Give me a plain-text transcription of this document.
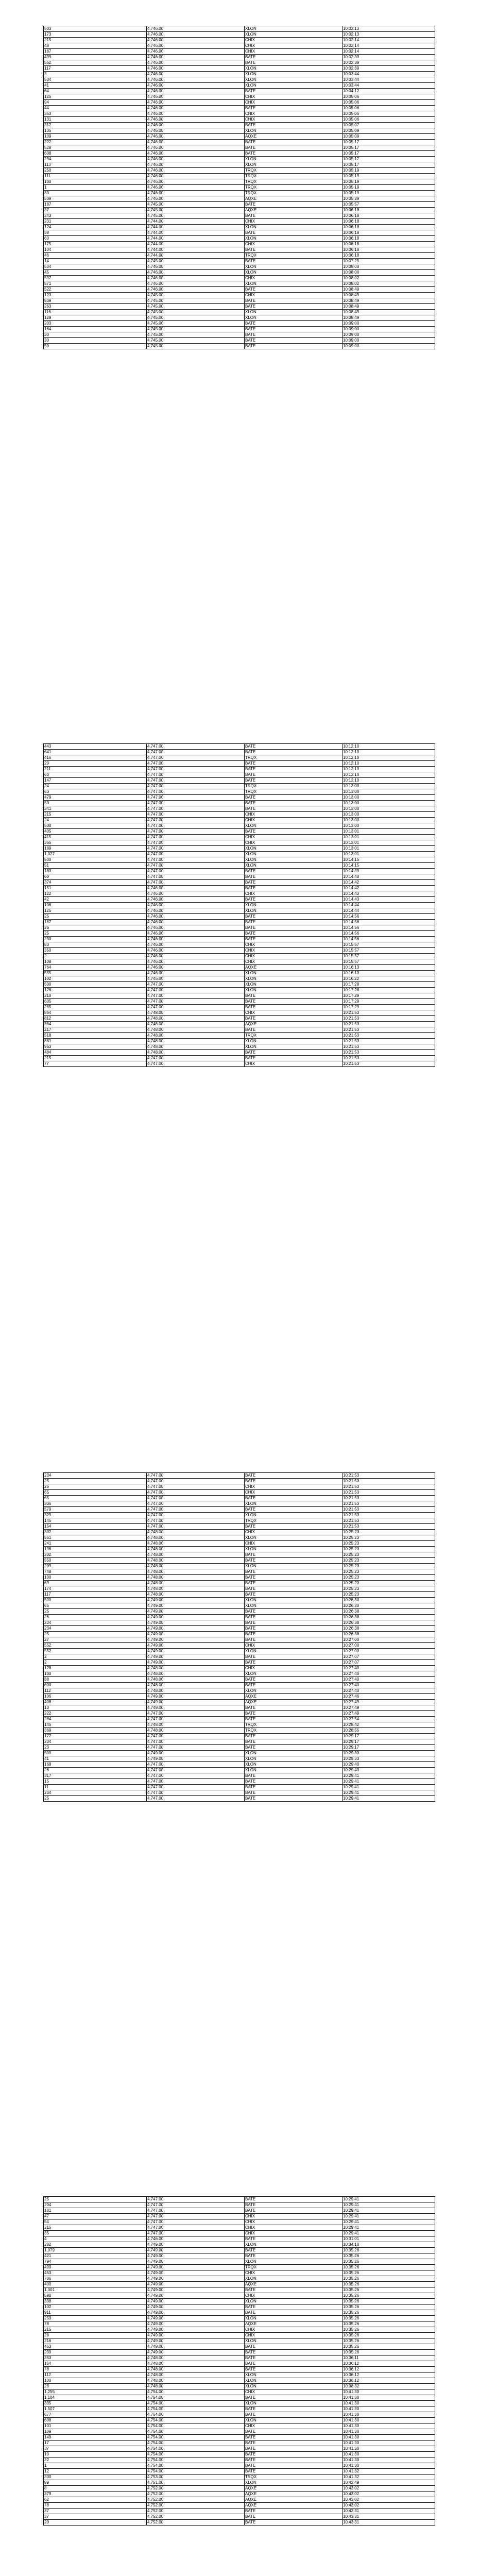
503	4,746.00	XLON	10:02:13
173	4,746.00	XLON	10:02:13
215	4,746.00	CHIX	10:02:14
48	4,746.00	CHIX	10:02:14
187	4,746.00	CHIX	10:02:14
499	4,746.00	BATE	10:02:39
552	4,746.00	BATE	10:02:39
117	4,746.00	XLON	10:02:39
3	4,746.00	XLON	10:03:44
534	4,746.00	XLON	10:03:44
41	4,746.00	XLON	10:03:44
64	4,746.00	BATE	10:04:12
125	4,746.00	CHIX	10:05:06
94	4,746.00	CHIX	10:05:06
44	4,746.00	BATE	10:05:06
363	4,746.00	CHIX	10:05:06
131	4,746.00	CHIX	10:05:06
312	4,746.00	BATE	10:05:07
135	4,746.00	XLON	10:05:09
109	4,746.00	AQXE	10:05:09
222	4,746.00	BATE	10:05:17
528	4,746.00	BATE	10:05:17
608	4,746.00	BATE	10:05:17
294	4,746.00	XLON	10:05:17
113	4,746.00	XLON	10:05:17
250	4,746.00	TRQX	10:05:19
111	4,746.00	TRQX	10:05:19
100	4,746.00	TRQX	10:05:19
1	4,746.00	TRQX	10:05:19
33	4,746.00	TRQX	10:05:19
509	4,746.00	AQXE	10:05:29
187	4,745.00	BATE	10:05:57
37	4,745.00	AQXE	10:06:18
243	4,745.00	BATE	10:06:18
231	4,744.00	CHIX	10:06:18
124	4,744.00	XLON	10:06:18
58	4,744.00	BATE	10:06:18
60	4,744.00	XLON	10:06:18
175	4,744.00	CHIX	10:06:18
104	4,744.00	BATE	10:06:18
46	4,744.00	TRQX	10:06:18
14	4,745.00	BATE	10:07:25
534	4,746.00	XLON	10:08:00
45	4,746.00	XLON	10:08:00
597	4,746.00	CHIX	10:08:02
571	4,746.00	XLON	10:08:02
522	4,746.00	BATE	10:08:49
123	4,745.00	CHIX	10:08:49
539	4,745.00	BATE	10:08:49
263	4,745.00	BATE	10:08:49
116	4,745.00	XLON	10:08:49
129	4,745.00	XLON	10:08:49
203	4,745.00	BATE	10:09:00
164	4,745.00	BATE	10:09:00
30	4,745.00	BATE	10:09:00
30	4,745.00	BATE	10:09:00
50	4,745.00	BATE	10:09:00
443	4,747.00	BATE	10:12:10
641	4,747.00	BATE	10:12:10
416	4,747.00	TRQX	10:12:10
20	4,747.00	BATE	10:12:10
211	4,747.00	BATE	10:12:10
63	4,747.00	BATE	10:12:10
147	4,747.00	BATE	10:12:10
24	4,747.00	TRQX	10:13:00
63	4,747.00	TRQX	10:13:00
479	4,747.00	BATE	10:13:00
53	4,747.00	BATE	10:13:00
341	4,747.00	BATE	10:13:00
215	4,747.00	CHIX	10:13:00
24	4,747.00	CHIX	10:13:00
500	4,747.00	XLON	10:13:00
405	4,747.00	BATE	10:13:01
415	4,747.00	CHIX	10:13:01
365	4,747.00	CHIX	10:13:01
189	4,747.00	XLON	10:13:01
1,027	4,747.00	XLON	10:13:01
500	4,747.00	XLON	10:14:15
51	4,747.00	XLON	10:14:15
183	4,747.00	BATE	10:14:39
60	4,747.00	BATE	10:14:40
374	4,747.00	BATE	10:14:42
151	4,746.00	BATE	10:14:42
122	4,746.00	CHIX	10:14:43
42	4,746.00	BATE	10:14:43
106	4,746.00	XLON	10:14:44
125	4,746.00	XLON	10:14:44
25	4,746.00	BATE	10:14:56
187	4,746.00	BATE	10:14:56
26	4,746.00	BATE	10:14:56
25	4,746.00	BATE	10:14:56
230	4,746.00	BATE	10:14:56
83	4,746.00	CHIX	10:15:57
350	4,746.00	CHIX	10:15:57
2	4,746.00	CHIX	10:15:57
108	4,746.00	CHIX	10:15:57
764	4,746.00	AQXE	10:16:13
555	4,746.00	XLON	10:16:13
102	4,745.00	XLON	10:16:22
500	4,747.00	XLON	10:17:28
126	4,747.00	XLON	10:17:28
210	4,747.00	BATE	10:17:29
605	4,747.00	BATE	10:17:29
285	4,747.00	BATE	10:17:29
864	4,748.00	CHIX	10:21:53
812	4,748.00	BATE	10:21:53
364	4,748.00	AQXE	10:21:53
217	4,748.00	BATE	10:21:53
518	4,748.00	TRQX	10:21:53
881	4,748.00	XLON	10:21:53
963	4,748.00	XLON	10:21:53
484	4,748.00	BATE	10:21:53
215	4,747.00	BATE	10:21:53
77	4,747.00	CHIX	10:21:53
234	4,747.00	BATE	10:21:53
25	4,747.00	BATE	10:21:53
25	4,747.00	CHIX	10:21:53
65	4,747.00	CHIX	10:21:53
65	4,747.00	BATE	10:21:53
336	4,747.00	XLON	10:21:53
579	4,747.00	BATE	10:21:53
329	4,747.00	XLON	10:21:53
145	4,747.00	TRQX	10:21:53
154	4,747.00	BATE	10:21:53
302	4,748.00	CHIX	10:25:23
551	4,748.00	XLON	10:25:23
241	4,748.00	CHIX	10:25:23
196	4,748.00	XLON	10:25:23
202	4,748.00	BATE	10:25:23
550	4,748.00	BATE	10:25:23
209	4,748.00	XLON	10:25:23
748	4,748.00	BATE	10:25:23
100	4,748.00	BATE	10:25:23
69	4,748.00	BATE	10:25:23
174	4,748.00	BATE	10:25:23
117	4,748.00	BATE	10:25:23
500	4,749.00	XLON	10:26:30
65	4,749.00	XLON	10:26:30
25	4,749.00	BATE	10:26:38
26	4,749.00	BATE	10:26:38
234	4,749.00	BATE	10:26:38
234	4,749.00	BATE	10:26:38
25	4,749.00	BATE	10:26:38
27	4,749.00	BATE	10:27:00
552	4,749.00	CHIX	10:27:00
552	4,749.00	XLON	10:27:00
2	4,749.00	BATE	10:27:07
2	4,749.00	BATE	10:27:07
128	4,748.00	CHIX	10:27:40
100	4,748.00	XLON	10:27:40
88	4,748.00	BATE	10:27:40
600	4,748.00	BATE	10:27:40
112	4,748.00	XLON	10:27:40
106	4,749.00	AQXE	10:27:46
408	4,749.00	AQXE	10:27:49
10	4,749.00	BATE	10:27:49
222	4,747.00	BATE	10:27:49
284	4,747.00	BATE	10:27:54
145	4,748.00	TRQX	10:28:42
369	4,748.00	TRQX	10:28:55
172	4,747.00	BATE	10:29:17
234	4,747.00	BATE	10:29:17
23	4,747.00	BATE	10:29:17
500	4,749.00	XLON	10:29:33
41	4,749.00	XLON	10:29:33
168	4,747.00	XLON	10:29:40
26	4,747.00	XLON	10:29:40
317	4,747.00	BATE	10:29:41
15	4,747.00	BATE	10:29:41
11	4,747.00	BATE	10:29:41
234	4,747.00	BATE	10:29:41
25	4,747.00	BATE	10:29:41
25	4,747.00	BATE	10:29:41
204	4,747.00	BATE	10:29:41
181	4,747.00	BATE	10:29:41
47	4,747.00	CHIX	10:29:41
54	4,747.00	CHIX	10:29:41
215	4,747.00	CHIX	10:29:41
35	4,747.00	CHIX	10:29:41
4	4,746.00	BATE	10:31:01
282	4,749.00	XLON	10:34:18
1,079	4,749.00	BATE	10:35:26
421	4,749.00	BATE	10:35:26
794	4,749.00	XLON	10:35:26
499	4,749.00	TRQX	10:35:26
453	4,749.00	CHIX	10:35:26
706	4,749.00	XLON	10:35:26
400	4,749.00	AQXE	10:35:26
1,001	4,749.00	BATE	10:35:26
590	4,749.00	CHIX	10:35:26
338	4,749.00	XLON	10:35:26
102	4,749.00	BATE	10:35:26
911	4,749.00	BATE	10:35:26
253	4,749.00	XLON	10:35:26
78	4,749.00	AQXE	10:35:26
215	4,749.00	CHIX	10:35:26
28	4,749.00	CHIX	10:35:26
216	4,749.00	XLON	10:35:26
463	4,749.00	BATE	10:35:26
239	4,749.00	BATE	10:35:26
353	4,748.00	BATE	10:36:11
164	4,748.00	BATE	10:36:12
78	4,748.00	BATE	10:36:12
112	4,748.00	XLON	10:36:12
100	4,748.00	XLON	10:36:12
28	4,748.00	XLON	10:38:32
1,255	4,754.00	CHIX	10:41:30
1,104	4,754.00	BATE	10:41:30
335	4,754.00	XLON	10:41:30
1,507	4,754.00	BATE	10:41:30
677	4,754.00	BATE	10:41:30
608	4,754.00	XLON	10:41:30
101	4,754.00	CHIX	10:41:30
109	4,754.00	BATE	10:41:30
149	4,754.00	BATE	10:41:30
17	4,754.00	BATE	10:41:30
37	4,754.00	BATE	10:41:30
10	4,754.00	BATE	10:41:30
22	4,754.00	BATE	10:41:30
1	4,754.00	BATE	10:41:30
12	4,754.00	BATE	10:41:32
300	4,753.00	TRQX	10:41:32
99	4,751.00	XLON	10:42:49
8	4,752.00	AQXE	10:43:02
379	4,752.00	AQXE	10:43:02
62	4,752.00	AQXE	10:43:02
78	4,752.00	AQXE	10:43:02
37	4,752.00	BATE	10:43:31
37	4,752.00	BATE	10:43:31
20	4,752.00	BATE	10:43:31
